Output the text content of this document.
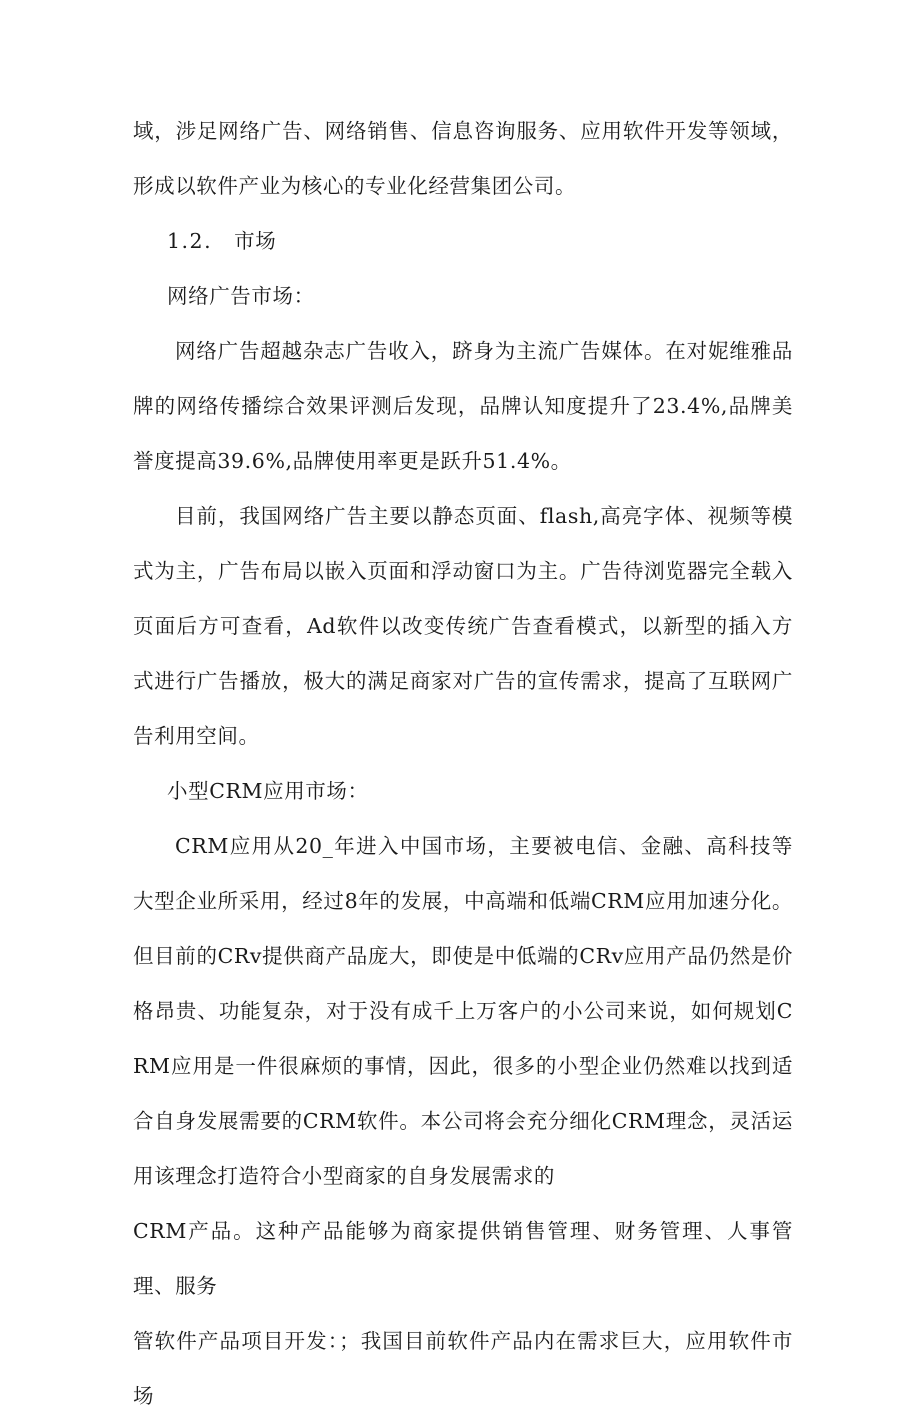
域，涉足网络广告、网络销售、信息咨询服务、应用软件开发等领域，形成以软件产业为核心的专业化经营集团公司。

1.2. 市场

网络广告市场：

网络广告超越杂志广告收入，跻身为主流广告媒体。在对妮维雅品牌的网络传播综合效果评测后发现，品牌认知度提升了23.4%,品牌美誉度提高39.6%,品牌使用率更是跃升51.4%。

目前，我国网络广告主要以静态页面、flash,高亮字体、视频等模式为主，广告布局以嵌入页面和浮动窗口为主。广告待浏览器完全载入页面后方可查看，Ad软件以改变传统广告查看模式，以新型的插入方式进行广告播放，极大的满足商家对广告的宣传需求，提高了互联网广告利用空间。

小型CRM应用市场：

CRM应用从20_年进入中国市场，主要被电信、金融、高科技等大型企业所采用，经过8年的发展，中高端和低端CRM应用加速分化。但目前的CRv提供商产品庞大，即使是中低端的CRv应用产品仍然是价格昂贵、功能复杂，对于没有成千上万客户的小公司来说，如何规划CRM应用是一件很麻烦的事情，因此，很多的小型企业仍然难以找到适合自身发展需要的CRM软件。本公司将会充分细化CRM理念，灵活运用该理念打造符合小型商家的自身发展需求的

CRM产品。这种产品能够为商家提供销售管理、财务管理、人事管理、服务

管软件产品项目开发：；我国目前软件产品内在需求巨大，应用软件市场
